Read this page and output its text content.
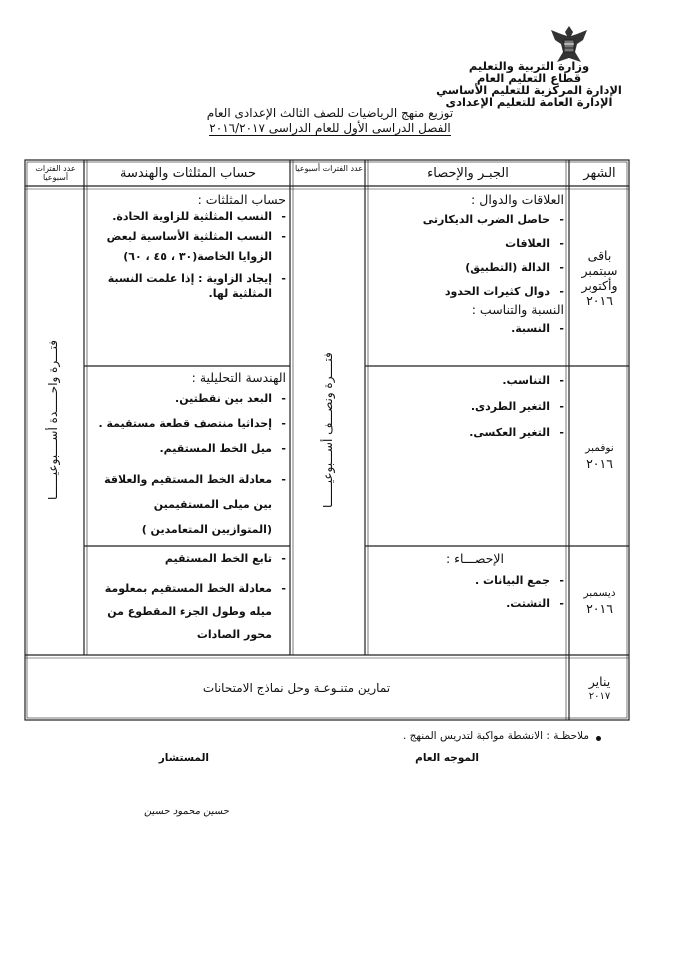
وزارة التربية والتعليم
قطاع التعليم العام
الإدارة المركزية للتعليم الأساسي
الإدارة العامة للتعليم الإعدادى
توزيع منهج الرياضيات للصف الثالث الإعدادى العام
الفصل الدراسى الأول للعام الدراسى ٢٠١٦/٢٠١٧
الشهر
الجبـر والإحصاء
عدد الفترات أسبوعيا
حساب المثلثات والهندسة
عدد الفترات أسبوعيا
باقى
سبتمبر
وأكتوبر
٢٠١٦
العلاقات والدوال :
- حاصل الضرب الديكارتى
- العلاقات
- الدالة (التطبيق)
- دوال كثيرات الحدود
النسبة والتناسب :
- النسبة.
حساب المثلثات :
- النسب المثلثية للزاوية الحادة.
- النسب المثلثية الأساسية لبعض الزوايا الخاصة(٣٠ ، ٤٥ ، ٦٠)
- إيجاد الزاوية : إذا علمت النسبة المثلثية لها.
نوفمبر
٢٠١٦
- التناسب.
- التغير الطردى.
- التغير العكسى.
الهندسة التحليلية :
- البعد بين نقطتين.
- إحداثيا منتصف قطعة مستقيمة .
- ميل الخط المستقيم.
- معادلة الخط المستقيم والعلاقة بين ميلى المستقيمين (المتوازيين المتعامدين )
ديسمبر
٢٠١٦
الإحصـــاء :
- جمع البيانات .
- التشتت.
- تابع الخط المستقيم
- معادلة الخط المستقيم بمعلومة ميله وطول الجزء المقطوع من محور الصادات
فتــــرة ونصـــف أســـبوعيــــــا
فتـــرة واحـــــدة أســــبوعيــــــا
يناير
٢٠١٧
تمارين متنـوعـة وحل نماذج الامتحانات
ملاحظـة : الانشطة مواكبة لتدريس المنهج .
الموجه العام
المستشار
حسين محمود حسين
